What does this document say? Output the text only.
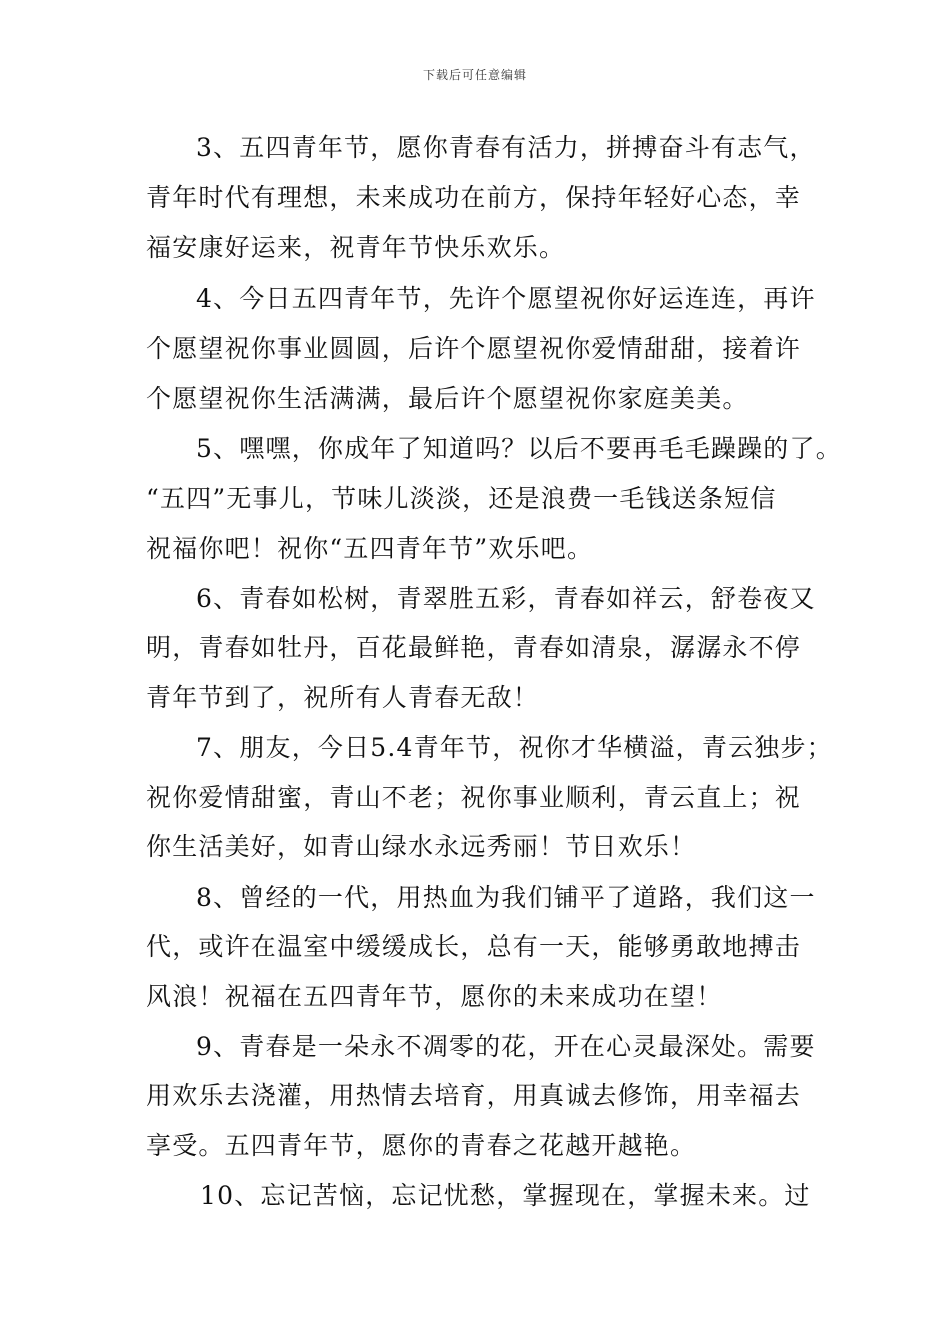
下载后可任意编辑
3、五四青年节，愿你青春有活力，拼搏奋斗有志气，
青年时代有理想，未来成功在前方，保持年轻好心态，幸
福安康好运来，祝青年节快乐欢乐。
4、今日五四青年节，先许个愿望祝你好运连连，再许
个愿望祝你事业圆圆，后许个愿望祝你爱情甜甜，接着许
个愿望祝你生活满满，最后许个愿望祝你家庭美美。
5、嘿嘿，你成年了知道吗？以后不要再毛毛躁躁的了。
“五四”无事儿，节味儿淡淡，还是浪费一毛钱送条短信
祝福你吧！祝你“五四青年节”欢乐吧。
6、青春如松树，青翠胜五彩，青春如祥云，舒卷夜又
明，青春如牡丹，百花最鲜艳，青春如清泉，潺潺永不停
青年节到了，祝所有人青春无敌！
7、朋友，今日5.4青年节，祝你才华横溢，青云独步；
祝你爱情甜蜜，青山不老；祝你事业顺利，青云直上；祝
你生活美好，如青山绿水永远秀丽！节日欢乐！
8、曾经的一代，用热血为我们铺平了道路，我们这一
代，或许在温室中缓缓成长，总有一天，能够勇敢地搏击
风浪！祝福在五四青年节，愿你的未来成功在望！
9、青春是一朵永不凋零的花，开在心灵最深处。需要
用欢乐去浇灌，用热情去培育，用真诚去修饰，用幸福去
享受。五四青年节，愿你的青春之花越开越艳。
10、忘记苦恼，忘记忧愁，掌握现在，掌握未来。过
